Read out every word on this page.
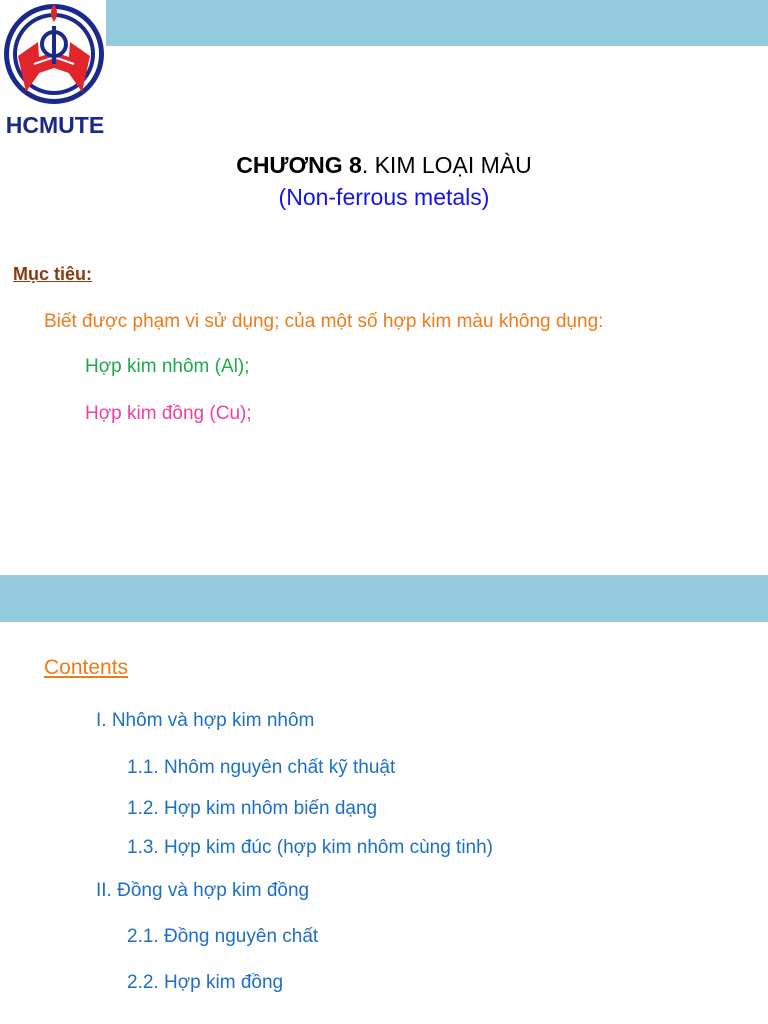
HCMUTE
CHƯƠNG 8. KIM LOẠI MÀU
(Non-ferrous metals)
Mục tiêu:
Biết được phạm vi sử dụng; của một số hợp kim màu không dụng:
Hợp kim nhôm (Al);
Hợp kim đồng (Cu);
Contents
I. Nhôm và hợp kim nhôm
1.1. Nhôm nguyên chất kỹ thuật
1.2. Hợp kim nhôm biến dạng
1.3. Hợp kim đúc (hợp kim nhôm cùng tinh)
II. Đồng và hợp kim đồng
2.1. Đồng nguyên chất
2.2. Hợp kim đồng
